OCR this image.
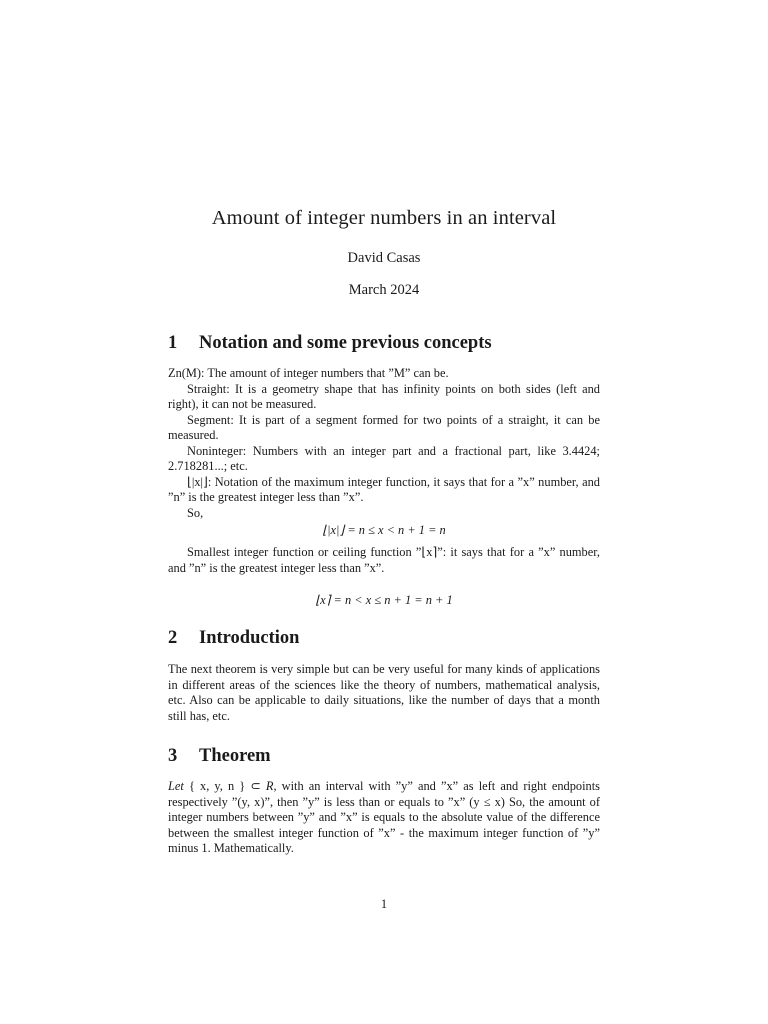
Amount of integer numbers in an interval
David Casas
March 2024
1 Notation and some previous concepts

Zn(M): The amount of integer numbers that ”M” can be.

Straight: It is a geometry shape that has infinity points on both sides (left and right), it can not be measured.

Segment: It is part of a segment formed for two points of a straight, it can be measured.

Noninteger: Numbers with an integer part and a fractional part, like 3.4424; 2.718281...; etc.

⌊|x|⌋: Notation of the maximum integer function, it says that for a ”x” number, and ”n” is the greatest integer less than ”x”.

So,

⌊|x|⌋ = n ≤ x < n + 1 = n

Smallest integer function or ceiling function ”⌊x⌉”: it says that for a ”x” number, and ”n” is the greatest integer less than ”x”.

⌊x⌉ = n < x ≤ n + 1 = n + 1
2 Introduction

The next theorem is very simple but can be very useful for many kinds of applications in different areas of the sciences like the theory of numbers, mathematical analysis, etc. Also can be applicable to daily situations, like the number of days that a month still has, etc.

3 Theorem

Let { x, y, n } ⊂ R, with an interval with ”y” and ”x” as left and right endpoints respectively ”(y, x)”, then ”y” is less than or equals to ”x” (y ≤ x) So, the amount of integer numbers between ”y” and ”x” is equals to the absolute value of the difference between the smallest integer function of ”x” - the maximum integer function of ”y” minus 1. Mathematically.

1
